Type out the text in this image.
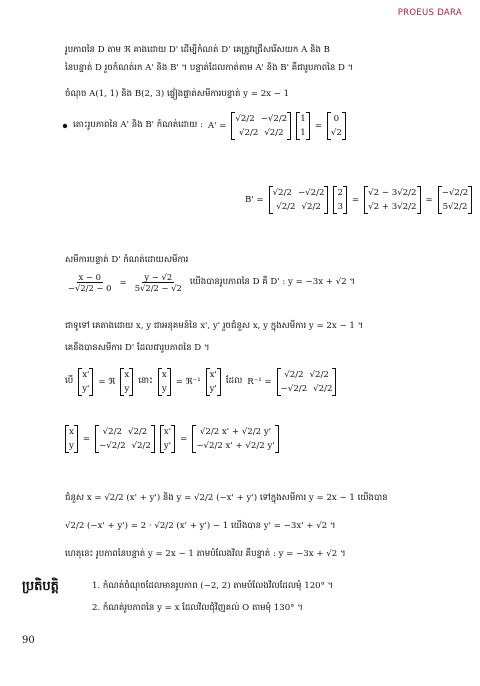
PROEUS DARA
រូបភាពនៃ D តាម ℜ គាងដោយ D' ដើម្បីកំណត់ D' គេត្រូវជ្រើសរើសយក A និង B
នៃបន្ទាត់ D រួចកំណត់រក A' និង B' ។ បន្ទាត់ដែលកាត់តាម A' និង B' គឺជារូបភាពនៃ D ។
ចំណុច A(1, 1) និង B(2, 3) ផ្ទៀងផ្ទាត់សមីការបន្ទាត់ y = 2x − 1
តោះរូបភាពនៃ A' និង B' កំណត់ដោយ : A' =
√2/2 −√2/2
√2/2 √2/2
1
1
=
0
√2
B' =
√2/2 −√2/2
√2/2 √2/2
2
3
=
√2 − 3√2/2
√2 + 3√2/2
=
−√2/2
5√2/2
សមីការបន្ទាត់ D' កំណត់ដោយសមីការ
$\frac{x - 0}{-√2/2 - 0} = \frac{y - √2}{5√2/2 - √2}$ យើងបានរូបភាពនៃ D គឺ D' : y = −3x + √2 ។
ជាទូទៅ គេតាងដោយ x, y ជាអនុគមន៍នៃ x', y' រួចជំនួស x, y ក្នុងសមីការ y = 2x − 1 ។
គេនឹងបានសមីការ D' ដែលជារូបភាពនៃ D ។
បើ
x'
y'
= ℜ
x
y
នោះ
x
y
= ℜ⁻¹
x'
y'
ដែល R⁻¹ =
√2/2 √2/2
−√2/2 √2/2
x
y
=
√2/2 √2/2
−√2/2 √2/2
x'
y'
=
√2/2 x' + √2/2 y'
−√2/2 x' + √2/2 y'
ជំនួស x = √2/2 (x' + y') និង y = √2/2 (−x' + y') ទៅក្នុងសមីការ y = 2x − 1 យើងបាន
√2/2 (−x' + y') = 2 · √2/2 (x' + y') − 1 យើងបាន y' = −3x' + √2 ។
ហេតុនេះ រូបភាពនៃបន្ទាត់ y = 2x − 1 តាមបំលែងវិល គឺបន្ទាត់ : y = −3x + √2 ។
ប្រតិបត្តិ	1. កំណត់ចំណុចដែលមានរូបភាព (−2, 2) តាមបំលែងវិលដែលមុំ 120° ។
2. កំណត់រូបភាពនៃ y = x ដែលវិលជុំវិញគល់ O តាមមុំ 130° ។
90
